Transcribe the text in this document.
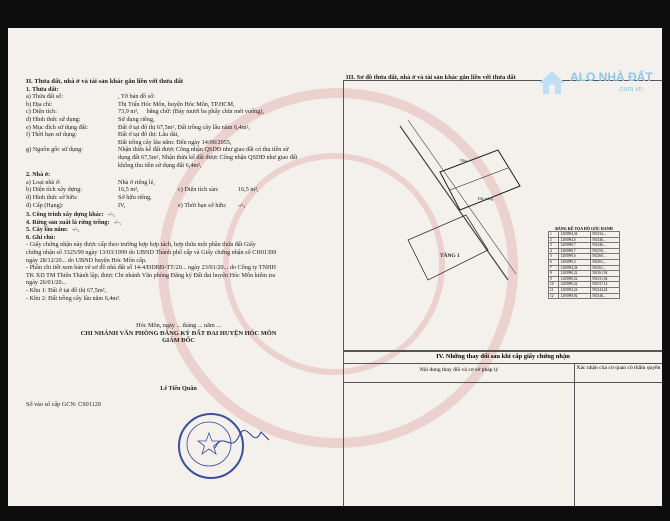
III. Sơ đồ thửa đất, nhà ở và tài sản khác gắn liền với thửa đất
Nhà
Đất trống
TẦNG 1
BẢNG KÊ TỌA ĐỘ GÓC RANH
1	1203994,34	592134,...
2	1203994,6	592146,...
3	1203990,7	592146,...
4	1203990,7	592150,...
5	1203999,6	592160,...
6	1203999,3	592161,...
7	1203994,34	592161,...
8	1203990,22	592161,94
9	1203990,22	592131,94
10	1203990,22	592137,14
11	1203994,24	592144,24
12	1203998,92	592146,...
IV. Những thay đổi sau khi cấp giấy chứng nhận
Nội dung thay đổi và cơ sở pháp lý	Xác nhận của cơ quan có thẩm quyền
ALO NHÀ ĐẤT
.com.vn
II. Thửa đất, nhà ở và tài sản khác gắn liền với thửa đất
1. Thửa đất:
a) Thửa đất số:	, Tờ bản đồ số:
b) Địa chỉ:	Thị Trấn Hóc Môn, huyện Hóc Môn, TP.HCM,
c) Diện tích:	73,9 m², bằng chữ: (Bảy mươi ba phẩy chín mét vuông),
d) Hình thức sử dụng:	Sử dụng riêng,
e) Mục đích sử dụng đất:	Đất ở tại đô thị 67,5m², Đất trồng cây lâu năm 6,4m²,
f) Thời hạn sử dụng:	Đất ở tại đô thị: Lâu dài,
Đất trồng cây lâu năm: Đến ngày 14/09/2055,
g) Nguồn gốc sử dụng:	Nhận thừa kế đất được Công nhận QSDĐ như giao đất có thu tiền sử
dụng đất 67,5m², Nhận thừa kế đất được Công nhận QSDĐ như giao đất
không thu tiền sử dụng đất 6,4m²,
2. Nhà ở:
a) Loại nhà ở:	Nhà ở riêng lẻ,
b) Diện tích xây dựng:	16,5 m²,	c) Diện tích sàn:	16,5 m²,
d) Hình thức sở hữu:	Sở hữu riêng,
đ) Cấp (Hạng):	IV,	e) Thời hạn sở hữu:	-/-,
3. Công trình xây dựng khác: -/-,
4. Rừng sản xuất là rừng trồng: -/-,
5. Cây lâu năm: -/-,
6. Ghi chú:
- Giấy chứng nhận này được cấp theo trường hợp hợp tách, hợp thửa một phần thửa đất Giấy
chứng nhận số 3325/99 ngày 13/03/1999 do UBND Thành phố cấp và Giấy chứng nhận số CH01399
ngày 28/12/20... do UBND huyện Hóc Môn cấp.
- Phần chi tiết xem bản vẽ sơ đồ nhà đất số 14-4/ĐDBĐ-TT/20... ngày 23/01/20... do Công ty TNHH
TK XD TM Thiên Thành lập, được Chi nhánh Văn phòng Đăng ký Đất đai huyện Hóc Môn kiểm tra
ngày 26/01/20...
- Khu 1: Đất ở tại đô thị 67,5m²,
- Khu 2: Đất trồng cây lâu năm 6,4m².
Hóc Môn, ngày ... tháng ... năm ...
CHI NHÁNH VĂN PHÒNG ĐĂNG KÝ ĐẤT ĐAI HUYỆN HÓC MÔN
GIÁM ĐỐC
Lê Tiến Quân
Số vào sổ cấp GCN: CS01129
